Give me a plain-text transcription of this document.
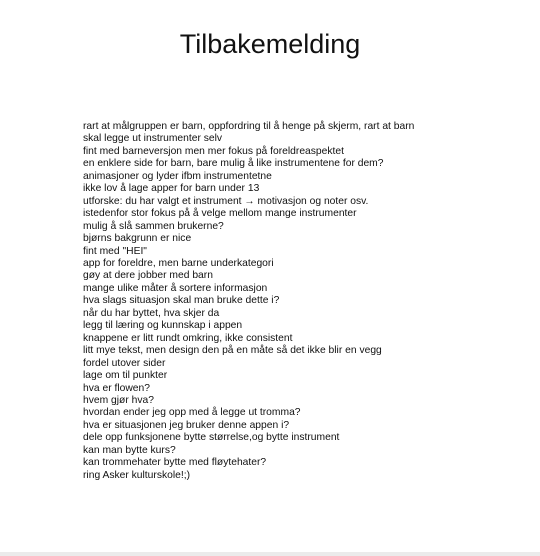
Tilbakemelding
rart at målgruppen er barn, oppfordring til å henge på skjerm, rart at barn
skal legge ut instrumenter selv
fint med barneversjon men mer fokus på foreldreaspektet
en enklere side for barn, bare mulig å like instrumentene for dem?
animasjoner og lyder ifbm instrumentetne
ikke lov å lage apper for barn under 13
utforske: du har valgt et instrument → motivasjon og noter osv.
istedenfor stor fokus på å velge mellom mange instrumenter
mulig å slå sammen brukerne?
bjørns bakgrunn er nice
fint med "HEI"
app for foreldre, men barne underkategori
gøy at dere jobber med barn
mange ulike måter å sortere informasjon
hva slags situasjon skal man bruke dette i?
når du har byttet, hva skjer da
legg til læring og kunnskap i appen
knappene er litt rundt omkring, ikke consistent
litt mye tekst, men design den på en måte så det ikke blir en vegg
fordel utover sider
lage om til punkter
hva er flowen?
hvem gjør hva?
hvordan ender jeg opp med å legge ut tromma?
hva er situasjonen jeg bruker denne appen i?
dele opp funksjonene bytte størrelse,og bytte instrument
kan man bytte kurs?
kan trommehater bytte med fløytehater?
ring Asker kulturskole!;)
